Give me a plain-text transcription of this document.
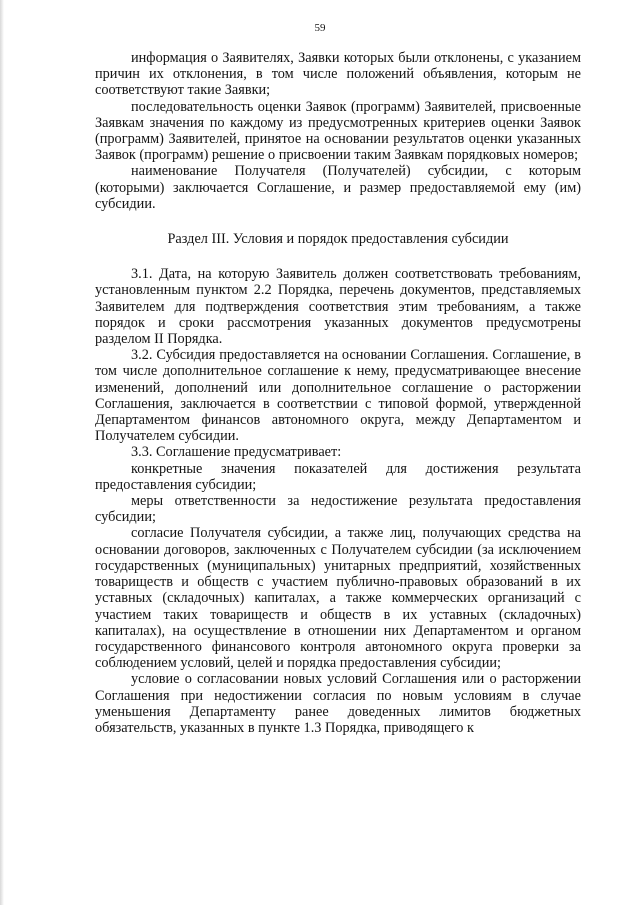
59

информация о Заявителях, Заявки которых были отклонены, с указанием причин их отклонения, в том числе положений объявления, которым не соответствуют такие Заявки;

последовательность оценки Заявок (программ) Заявителей, присвоенные Заявкам значения по каждому из предусмотренных критериев оценки Заявок (программ) Заявителей, принятое на основании результатов оценки указанных Заявок (программ) решение о присвоении таким Заявкам порядковых номеров;

наименование Получателя (Получателей) субсидии, с которым (которыми) заключается Соглашение, и размер предоставляемой ему (им) субсидии.

Раздел III. Условия и порядок предоставления субсидии

3.1. Дата, на которую Заявитель должен соответствовать требованиям, установленным пунктом 2.2 Порядка, перечень документов, представляемых Заявителем для подтверждения соответствия этим требованиям, а также порядок и сроки рассмотрения указанных документов предусмотрены разделом II Порядка.

3.2. Субсидия предоставляется на основании Соглашения. Соглашение, в том числе дополнительное соглашение к нему, предусматривающее внесение изменений, дополнений или дополнительное соглашение о расторжении Соглашения, заключается в соответствии с типовой формой, утвержденной Департаментом финансов автономного округа, между Департаментом и Получателем субсидии.

3.3. Соглашение предусматривает:

конкретные значения показателей для достижения результата предоставления субсидии;

меры ответственности за недостижение результата предоставления субсидии;

согласие Получателя субсидии, а также лиц, получающих средства на основании договоров, заключенных с Получателем субсидии (за исключением государственных (муниципальных) унитарных предприятий, хозяйственных товариществ и обществ с участием публично-правовых образований в их уставных (складочных) капиталах, а также коммерческих организаций с участием таких товариществ и обществ в их уставных (складочных) капиталах), на осуществление в отношении них Департаментом и органом государственного финансового контроля автономного округа проверки за соблюдением условий, целей и порядка предоставления субсидии;

условие о согласовании новых условий Соглашения или о расторжении Соглашения при недостижении согласия по новым условиям в случае уменьшения Департаменту ранее доведенных лимитов бюджетных обязательств, указанных в пункте 1.3 Порядка, приводящего к
